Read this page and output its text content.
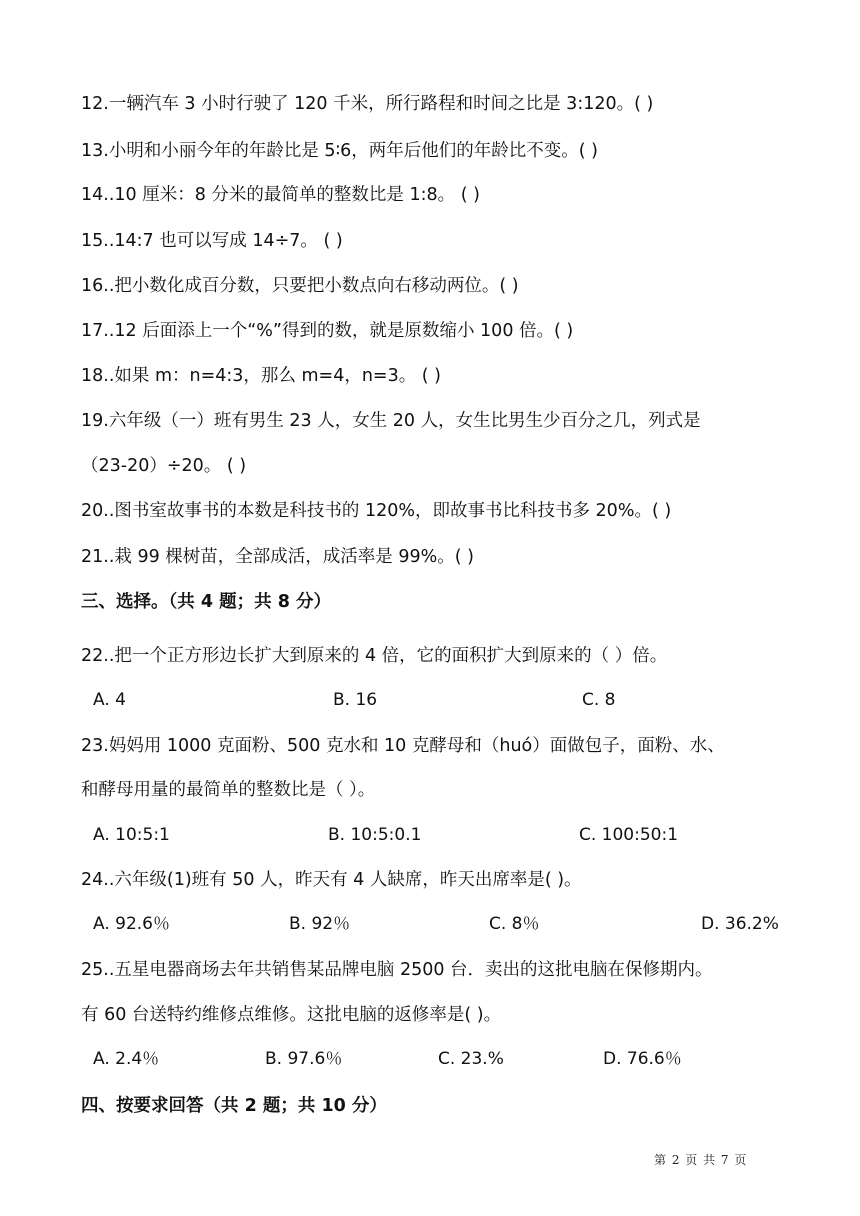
12.一辆汽车 3 小时行驶了 120 千米，所行路程和时间之比是 3:120。( )
13.小明和小丽今年的年龄比是 5∶6，两年后他们的年龄比不变。( )
14..10 厘米：8 分米的最简单的整数比是 1:8。 ( )
15..14:7 也可以写成 14÷7。 ( )
16..把小数化成百分数，只要把小数点向右移动两位。( )
17..12 后面添上一个“%”得到的数，就是原数缩小 100 倍。( )
18..如果 m：n=4:3，那么 m=4，n=3。 ( )
19.六年级（一）班有男生 23 人，女生 20 人，女生比男生少百分之几，列式是
（23-20）÷20。 ( )
20..图书室故事书的本数是科技书的 120%，即故事书比科技书多 20%。( )
21..栽 99 棵树苗，全部成活，成活率是 99%。( )
三、选择。（共 4 题；共 8 分）
22..把一个正方形边长扩大到原来的 4 倍，它的面积扩大到原来的（ ）倍。
A. 4	B. 16	C. 8
23.妈妈用 1000 克面粉、500 克水和 10 克酵母和（huó）面做包子，面粉、水、
和酵母用量的最简单的整数比是（ ）。
A. 10:5:1	B. 10:5:0.1	C. 100:50:1
24..六年级(1)班有 50 人，昨天有 4 人缺席，昨天出席率是( )。
A. 92.6％	B. 92％	C. 8％	D. 36.2%
25..五星电器商场去年共销售某品牌电脑 2500 台．卖出的这批电脑在保修期内。
有 60 台送特约维修点维修。这批电脑的返修率是( )。
A. 2.4％	B. 97.6％	C. 23.%	D. 76.6％
四、按要求回答（共 2 题；共 10 分）
第 2 页 共 7 页
